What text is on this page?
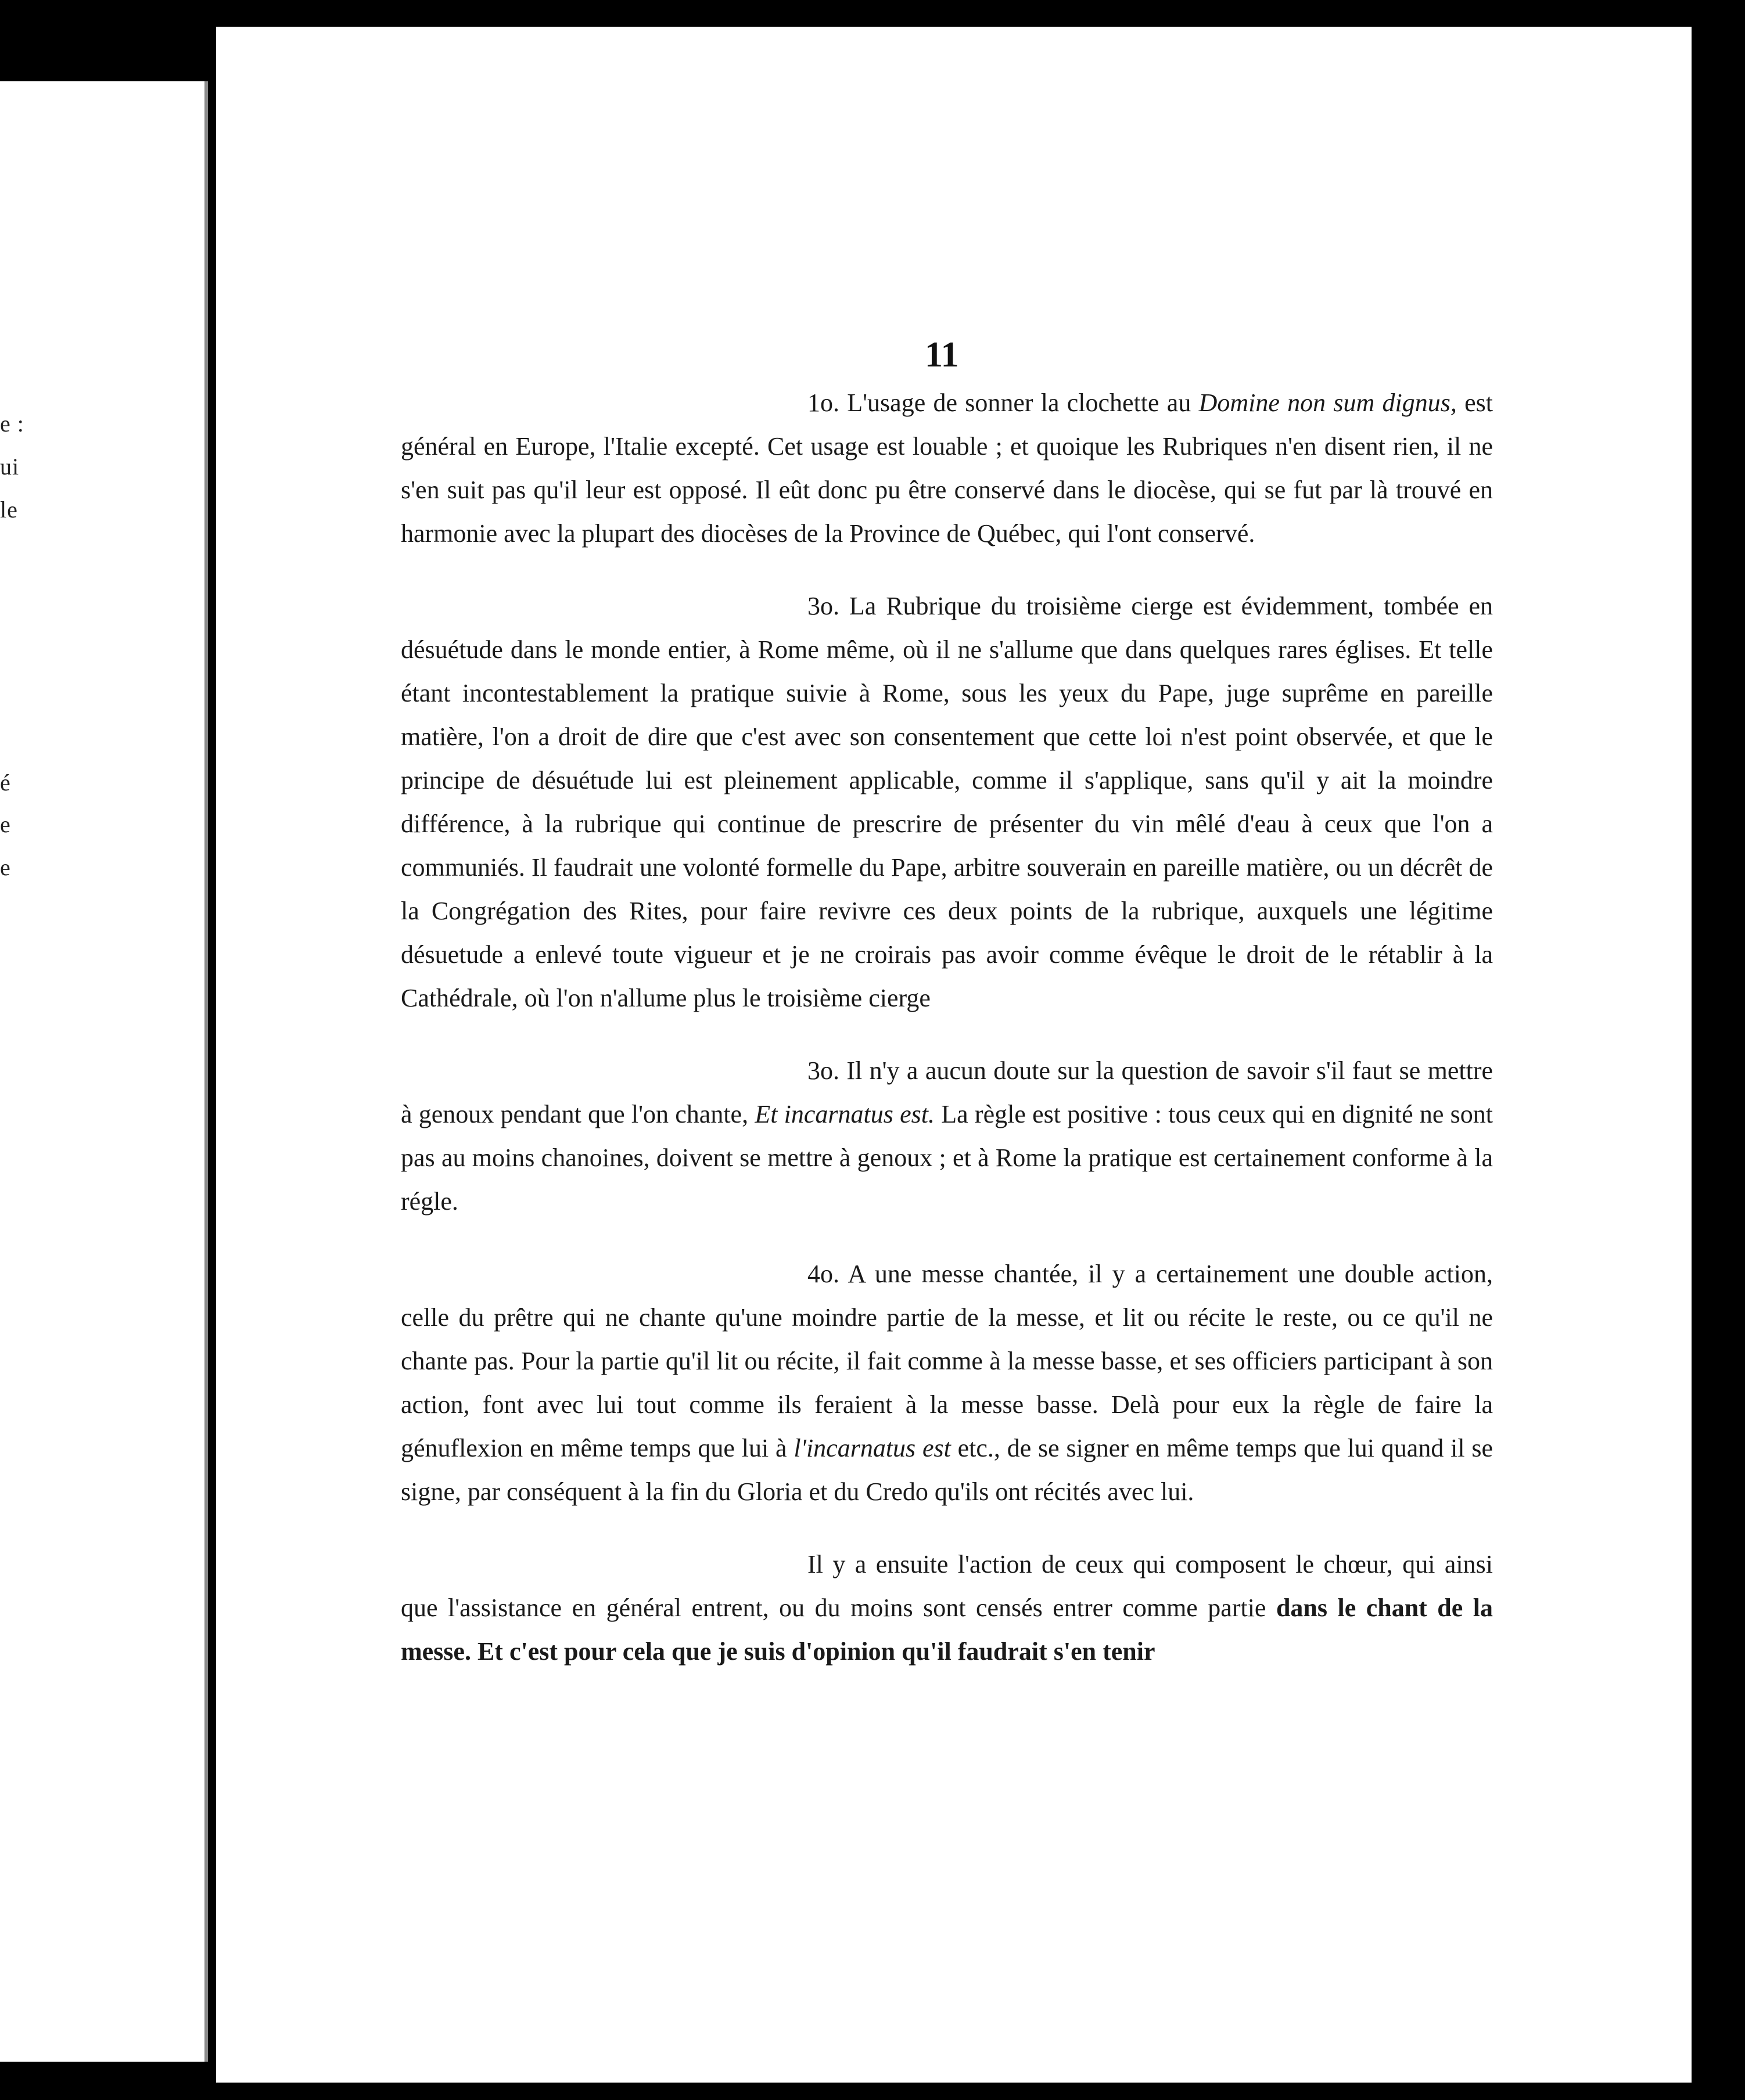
e :
ui
le
é
e
e
11

1o. L'usage de sonner la clochette au Domine non sum dignus, est général en Europe, l'Italie excepté. Cet usage est louable ; et quoique les Rubriques n'en disent rien, il ne s'en suit pas qu'il leur est opposé. Il eût donc pu être conservé dans le diocèse, qui se fut par là trouvé en harmonie avec la plupart des diocèses de la Province de Québec, qui l'ont conservé.

3o. La Rubrique du troisième cierge est évidemment, tombée en désuétude dans le monde entier, à Rome même, où il ne s'allume que dans quelques rares églises. Et telle étant incontestablement la pratique suivie à Rome, sous les yeux du Pape, juge suprême en pareille matière, l'on a droit de dire que c'est avec son consentement que cette loi n'est point observée, et que le principe de désuétude lui est pleinement applicable, comme il s'applique, sans qu'il y ait la moindre différence, à la rubrique qui continue de prescrire de présenter du vin mêlé d'eau à ceux que l'on a communiés. Il faudrait une volonté formelle du Pape, arbitre souverain en pareille matière, ou un décrêt de la Congrégation des Rites, pour faire revivre ces deux points de la rubrique, auxquels une légitime désuetude a enlevé toute vigueur et je ne croirais pas avoir comme évêque le droit de le rétablir à la Cathédrale, où l'on n'allume plus le troisième cierge

3o. Il n'y a aucun doute sur la question de savoir s'il faut se mettre à genoux pendant que l'on chante, Et incarnatus est. La règle est positive : tous ceux qui en dignité ne sont pas au moins chanoines, doivent se mettre à genoux ; et à Rome la pratique est certainement conforme à la régle.

4o. A une messe chantée, il y a certainement une double action, celle du prêtre qui ne chante qu'une moindre partie de la messe, et lit ou récite le reste, ou ce qu'il ne chante pas. Pour la partie qu'il lit ou récite, il fait comme à la messe basse, et ses officiers participant à son action, font avec lui tout comme ils feraient à la messe basse. Delà pour eux la règle de faire la génuflexion en même temps que lui à l'incarnatus est etc., de se signer en même temps que lui quand il se signe, par conséquent à la fin du Gloria et du Credo qu'ils ont récités avec lui.

Il y a ensuite l'action de ceux qui composent le chœur, qui ainsi que l'assistance en général entrent, ou du moins sont censés entrer comme partie dans le chant de la messe. Et c'est pour cela que je suis d'opinion qu'il faudrait s'en tenir
